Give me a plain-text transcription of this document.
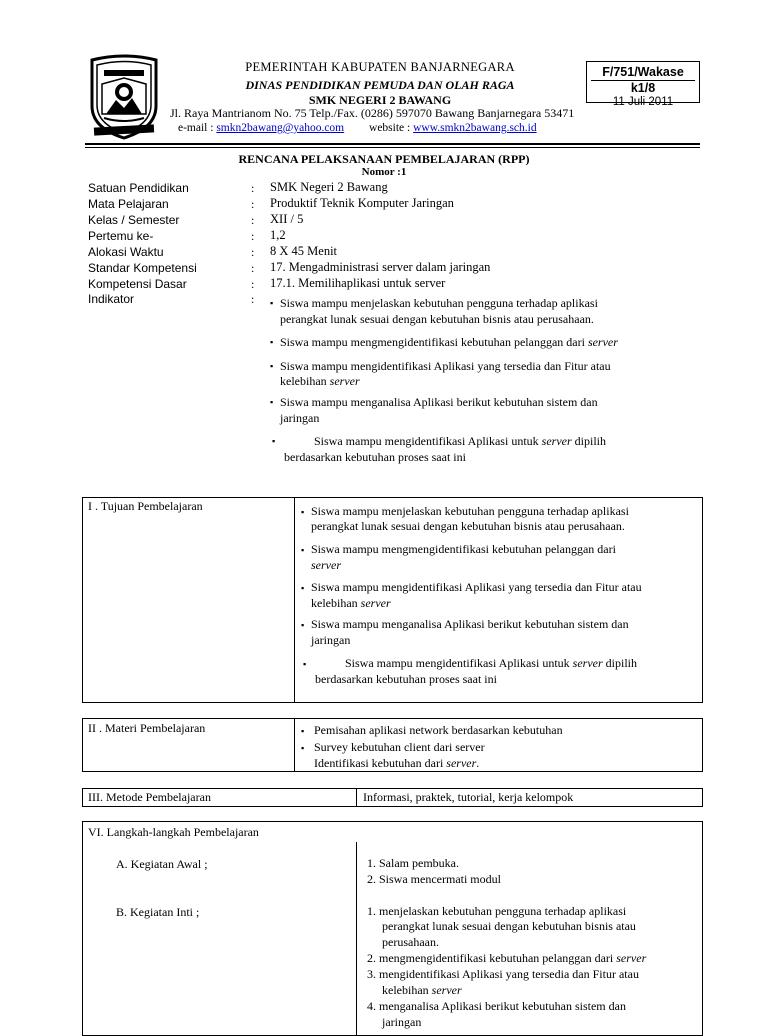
PEMERINTAH KABUPATEN BANJARNEGARA
DINAS PENDIDIKAN PEMUDA DAN OLAH RAGA
SMK NEGERI 2 BAWANG
Jl. Raya Mantrianom No. 75 Telp./Fax. (0286) 597070 Bawang Banjarnegara 53471
e-mail : smkn2bawang@yahoo.com website : www.smkn2bawang.sch.id
F/751/Wakase
k1/8
11 Juli 2011
RENCANA PELAKSANAAN PEMBELAJARAN (RPP)
Nomor :1
Satuan Pendidikan	: SMK Negeri 2 Bawang
Mata Pelajaran	: Produktif Teknik Komputer Jaringan
Kelas / Semester	: XII / 5
Pertemu ke-	: 1,2
Alokasi Waktu	: 8 X 45 Menit
Standar Kompetensi	: 17. Mengadministrasi server dalam jaringan
Kompetensi Dasar	: 17.1. Memilihaplikasi untuk server
Indikator	: ▪ Siswa mampu menjelaskan kebutuhan pengguna terhadap aplikasi
perangkat lunak sesuai dengan kebutuhan bisnis atau perusahaan.
▪ Siswa mampu mengmengidentifikasi kebutuhan pelanggan dari server
▪ Siswa mampu mengidentifikasi Aplikasi yang tersedia dan Fitur atau
kelebihan server
▪ Siswa mampu menganalisa Aplikasi berikut kebutuhan sistem dan
jaringan
▪	Siswa mampu mengidentifikasi Aplikasi untuk server dipilih
berdasarkan kebutuhan proses saat ini
I . Tujuan Pembelajaran	▪ Siswa mampu menjelaskan kebutuhan pengguna terhadap aplikasi
perangkat lunak sesuai dengan kebutuhan bisnis atau perusahaan.
▪ Siswa mampu mengmengidentifikasi kebutuhan pelanggan dari
server
▪ Siswa mampu mengidentifikasi Aplikasi yang tersedia dan Fitur atau
kelebihan server
▪ Siswa mampu menganalisa Aplikasi berikut kebutuhan sistem dan
jaringan
▪	Siswa mampu mengidentifikasi Aplikasi untuk server dipilih
berdasarkan kebutuhan proses saat ini
II . Materi Pembelajaran	▪ Pemisahan aplikasi network berdasarkan kebutuhan
▪ Survey kebutuhan client dari server
Identifikasi kebutuhan dari server.
III. Metode Pembelajaran	Informasi, praktek, tutorial, kerja kelompok
VI. Langkah-langkah Pembelajaran
A. Kegiatan Awal ;	1. Salam pembuka.
2. Siswa mencermati modul
B. Kegiatan Inti ;	1. menjelaskan kebutuhan pengguna terhadap aplikasi
perangkat lunak sesuai dengan kebutuhan bisnis atau
perusahaan.
2. mengmengidentifikasi kebutuhan pelanggan dari server
3. mengidentifikasi Aplikasi yang tersedia dan Fitur atau
kelebihan server
4. menganalisa Aplikasi berikut kebutuhan sistem dan
jaringan
